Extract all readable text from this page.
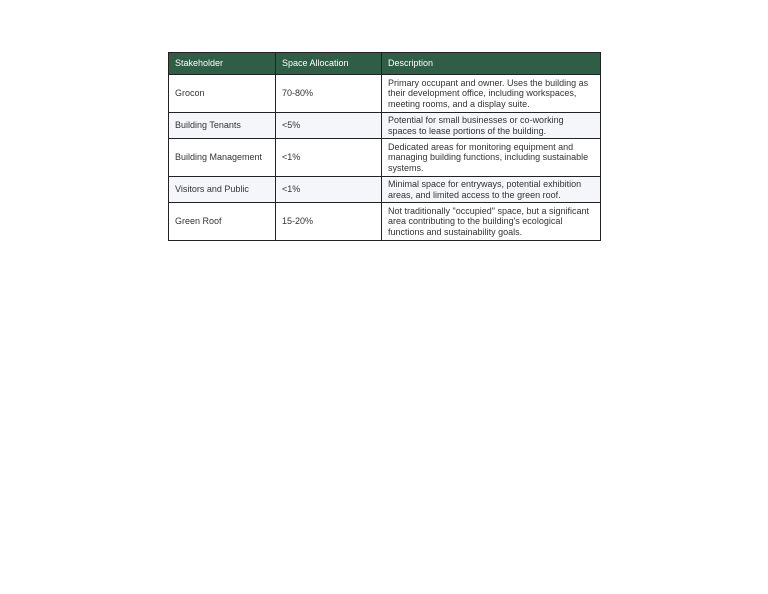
Stakeholder	Space Allocation	Description
Grocon	70-80%	Primary occupant and owner. Uses the building as their development office, including workspaces, meeting rooms, and a display suite.
Building Tenants	<5%	Potential for small businesses or co-working spaces to lease portions of the building.
Building Management	<1%	Dedicated areas for monitoring equipment and managing building functions, including sustainable systems.
Visitors and Public	<1%	Minimal space for entryways, potential exhibition areas, and limited access to the green roof.
Green Roof	15-20%	Not traditionally "occupied" space, but a significant area contributing to the building's ecological functions and sustainability goals.
